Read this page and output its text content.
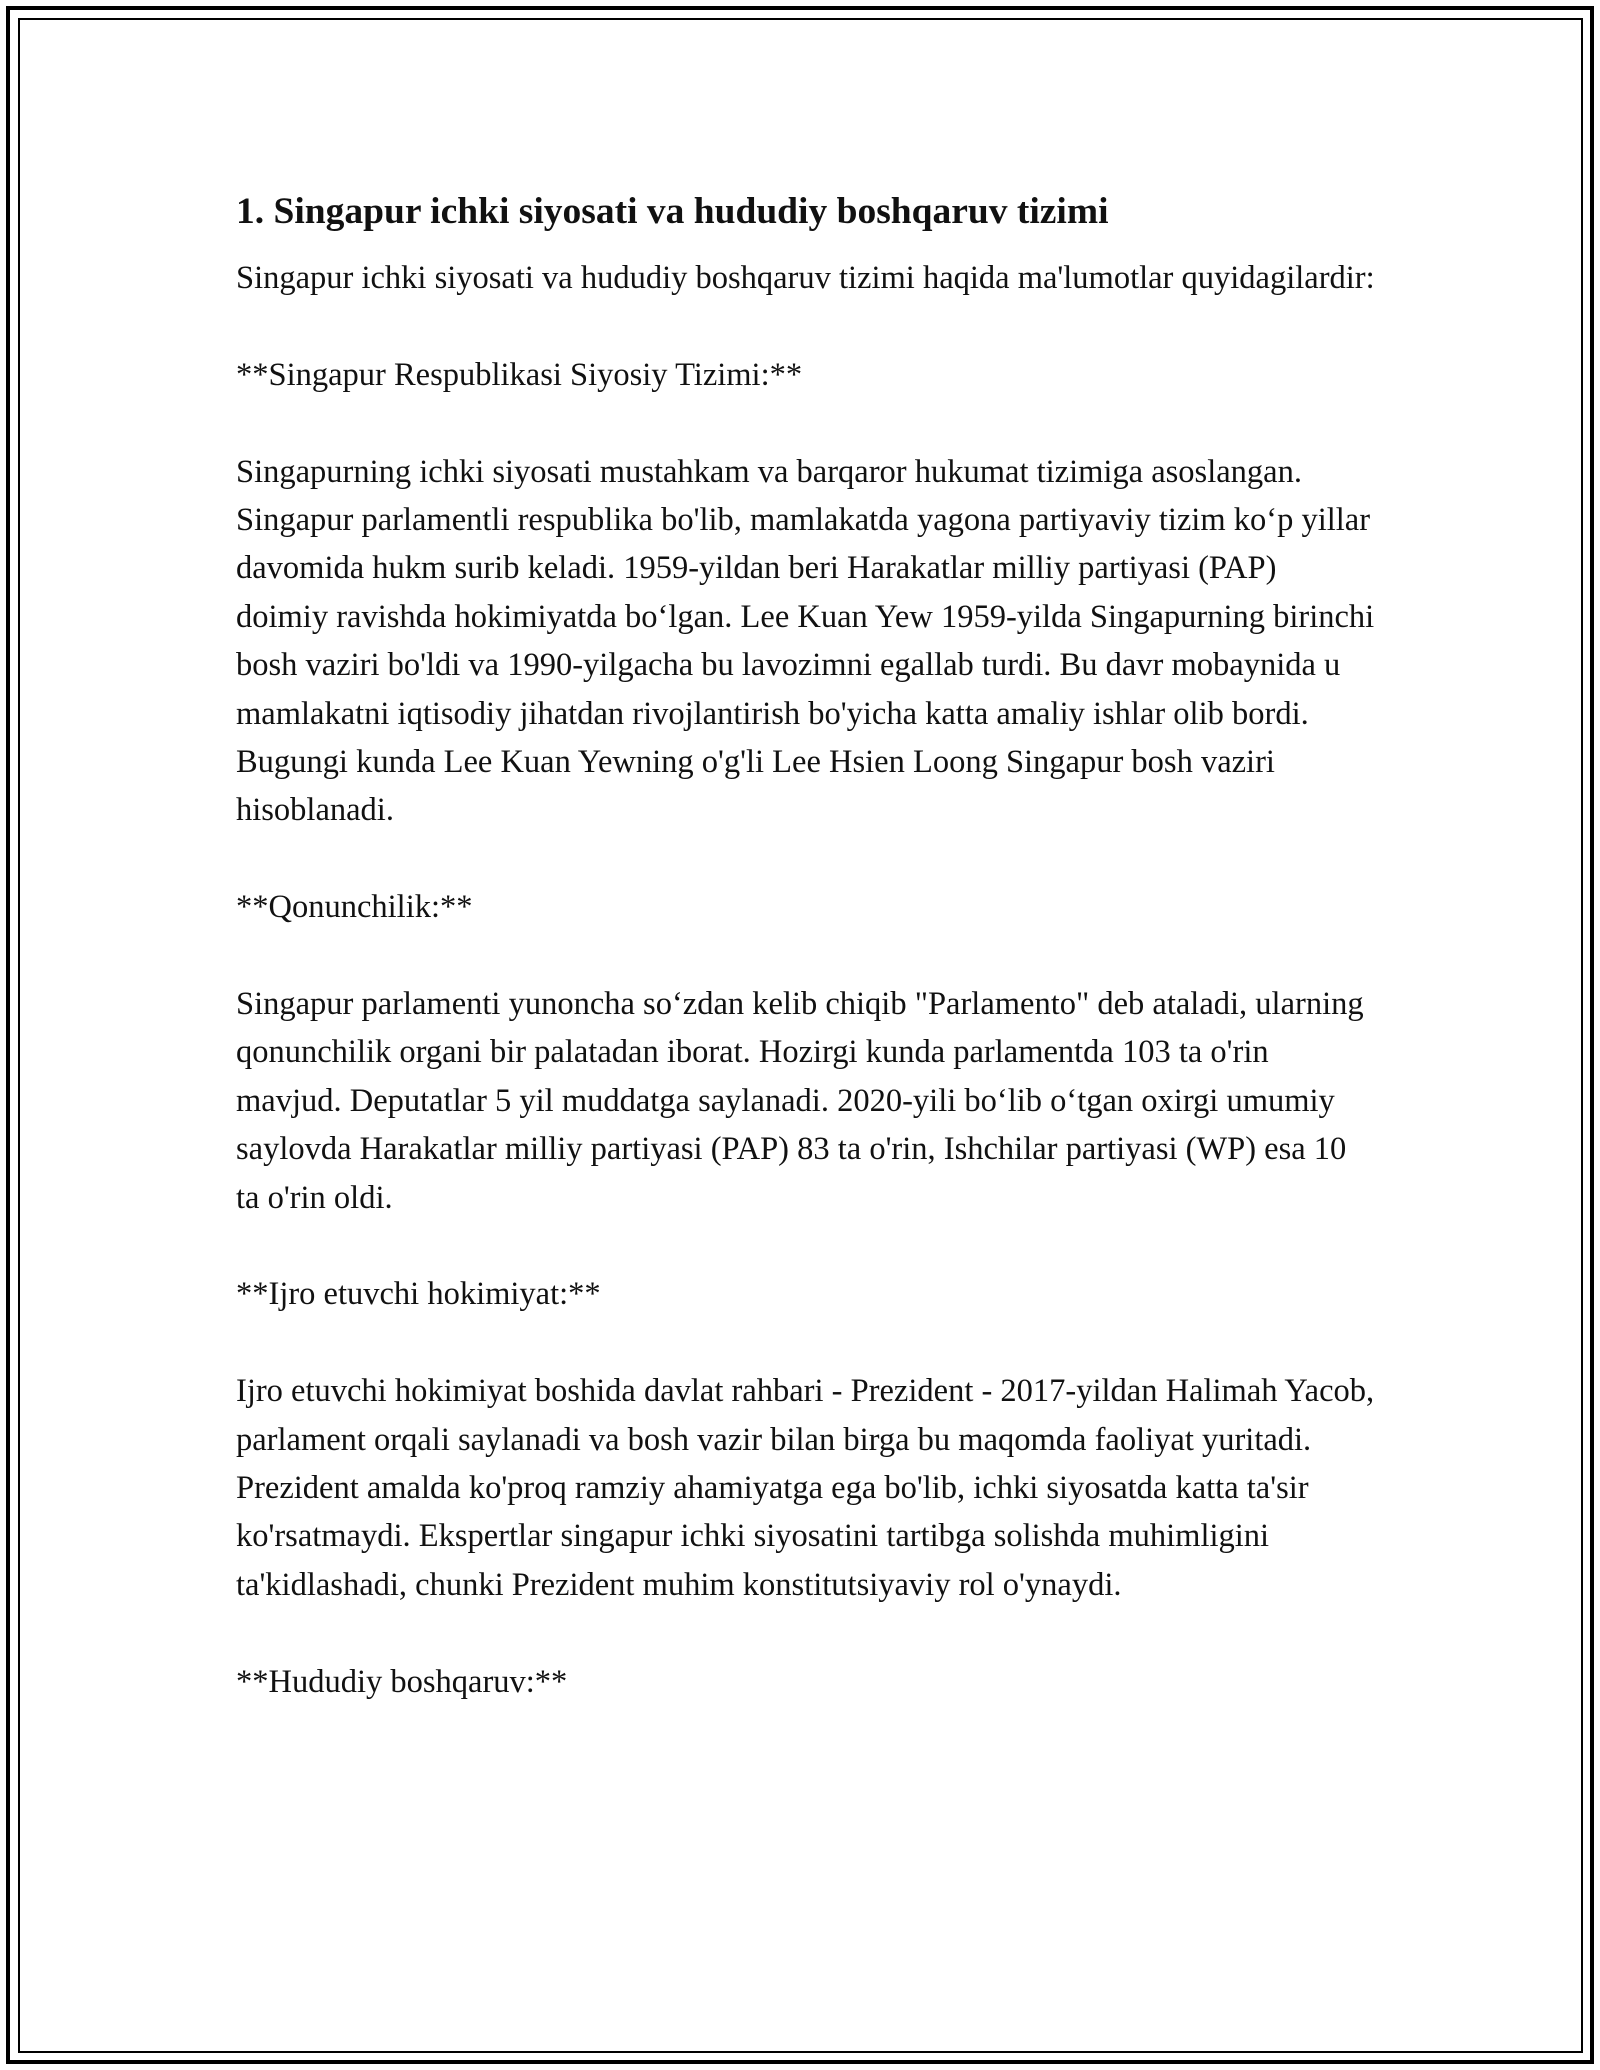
1. Singapur ichki siyosati va hududiy boshqaruv tizimi

Singapur ichki siyosati va hududiy boshqaruv tizimi haqida ma'lumotlar quyidagilardir:

**Singapur Respublikasi Siyosiy Tizimi:**

Singapurning ichki siyosati mustahkam va barqaror hukumat tizimiga asoslangan. Singapur parlamentli respublika bo'lib, mamlakatda yagona partiyaviy tizim ko‘p yillar davomida hukm surib keladi. 1959-yildan beri Harakatlar milliy partiyasi (PAP) doimiy ravishda hokimiyatda bo‘lgan. Lee Kuan Yew 1959-yilda Singapurning birinchi bosh vaziri bo'ldi va 1990-yilgacha bu lavozimni egallab turdi. Bu davr mobaynida u mamlakatni iqtisodiy jihatdan rivojlantirish bo'yicha katta amaliy ishlar olib bordi. Bugungi kunda Lee Kuan Yewning o'g'li Lee Hsien Loong Singapur bosh vaziri hisoblanadi.

**Qonunchilik:**

Singapur parlamenti yunoncha so‘zdan kelib chiqib "Parlamento" deb ataladi, ularning qonunchilik organi bir palatadan iborat. Hozirgi kunda parlamentda 103 ta o'rin mavjud. Deputatlar 5 yil muddatga saylanadi. 2020-yili bo‘lib o‘tgan oxirgi umumiy saylovda Harakatlar milliy partiyasi (PAP) 83 ta o'rin, Ishchilar partiyasi (WP) esa 10 ta o'rin oldi.

**Ijro etuvchi hokimiyat:**

Ijro etuvchi hokimiyat boshida davlat rahbari - Prezident - 2017-yildan Halimah Yacob, parlament orqali saylanadi va bosh vazir bilan birga bu maqomda faoliyat yuritadi. Prezident amalda ko'proq ramziy ahamiyatga ega bo'lib, ichki siyosatda katta ta'sir ko'rsatmaydi. Ekspertlar singapur ichki siyosatini tartibga solishda muhimligini ta'kidlashadi, chunki Prezident muhim konstitutsiyaviy rol o'ynaydi.

**Hududiy boshqaruv:**
